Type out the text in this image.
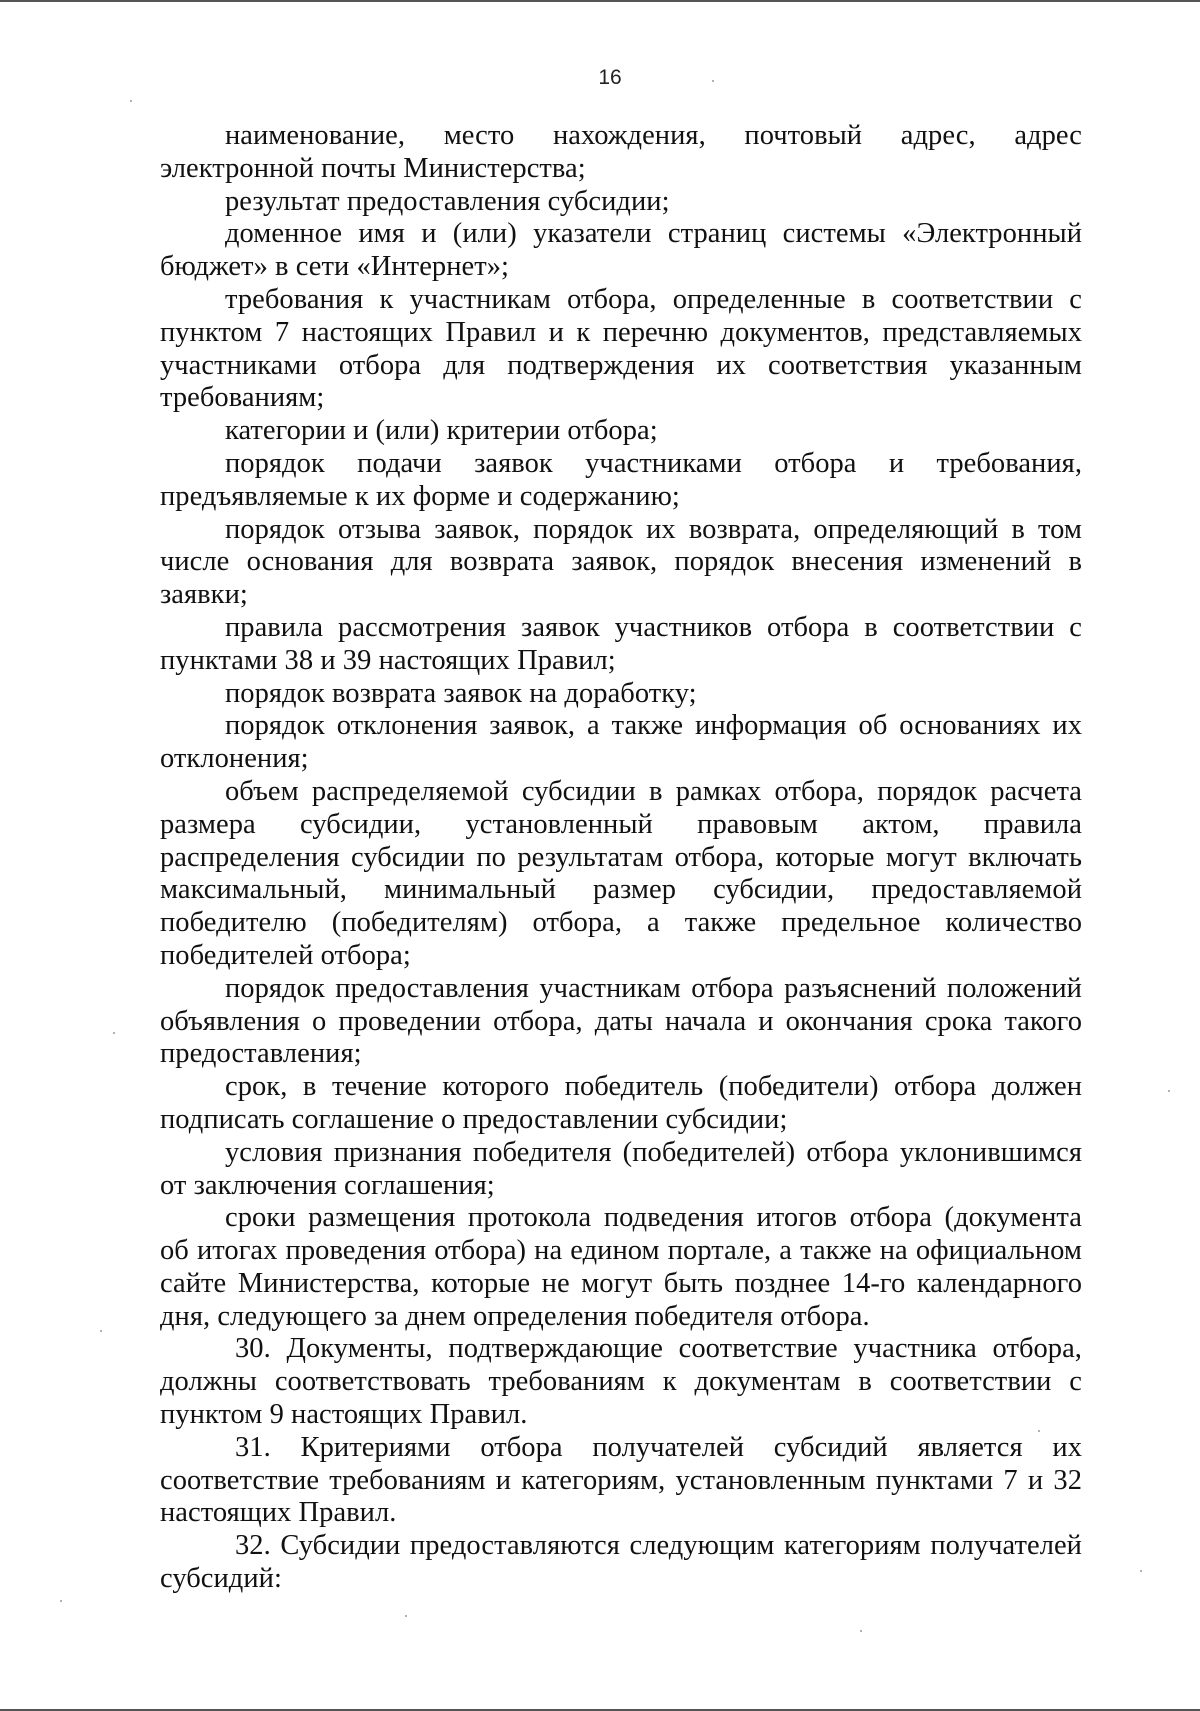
16

наименование, место нахождения, почтовый адрес, адрес электронной почты Министерства;

результат предоставления субсидии;

доменное имя и (или) указатели страниц системы «Электронный бюджет» в сети «Интернет»;

требования к участникам отбора, определенные в соответствии с пунктом 7 настоящих Правил и к перечню документов, представляемых участниками отбора для подтверждения их соответствия указанным требованиям;

категории и (или) критерии отбора;

порядок подачи заявок участниками отбора и требования, предъявляемые к их форме и содержанию;

порядок отзыва заявок, порядок их возврата, определяющий в том числе основания для возврата заявок, порядок внесения изменений в заявки;

правила рассмотрения заявок участников отбора в соответствии с пунктами 38 и 39 настоящих Правил;

порядок возврата заявок на доработку;

порядок отклонения заявок, а также информация об основаниях их отклонения;

объем распределяемой субсидии в рамках отбора, порядок расчета размера субсидии, установленный правовым актом, правила распределения субсидии по результатам отбора, которые могут включать максимальный, минимальный размер субсидии, предоставляемой победителю (победителям) отбора, а также предельное количество победителей отбора;

порядок предоставления участникам отбора разъяснений положений объявления о проведении отбора, даты начала и окончания срока такого предоставления;

срок, в течение которого победитель (победители) отбора должен подписать соглашение о предоставлении субсидии;

условия признания победителя (победителей) отбора уклонившимся от заключения соглашения;

сроки размещения протокола подведения итогов отбора (документа об итогах проведения отбора) на едином портале, а также на официальном сайте Министерства, которые не могут быть позднее 14-го календарного дня, следующего за днем определения победителя отбора.

30. Документы, подтверждающие соответствие участника отбора, должны соответствовать требованиям к документам в соответствии с пунктом 9 настоящих Правил.

31. Критериями отбора получателей субсидий является их соответствие требованиям и категориям, установленным пунктами 7 и 32 настоящих Правил.

32. Субсидии предоставляются следующим категориям получателей субсидий:
